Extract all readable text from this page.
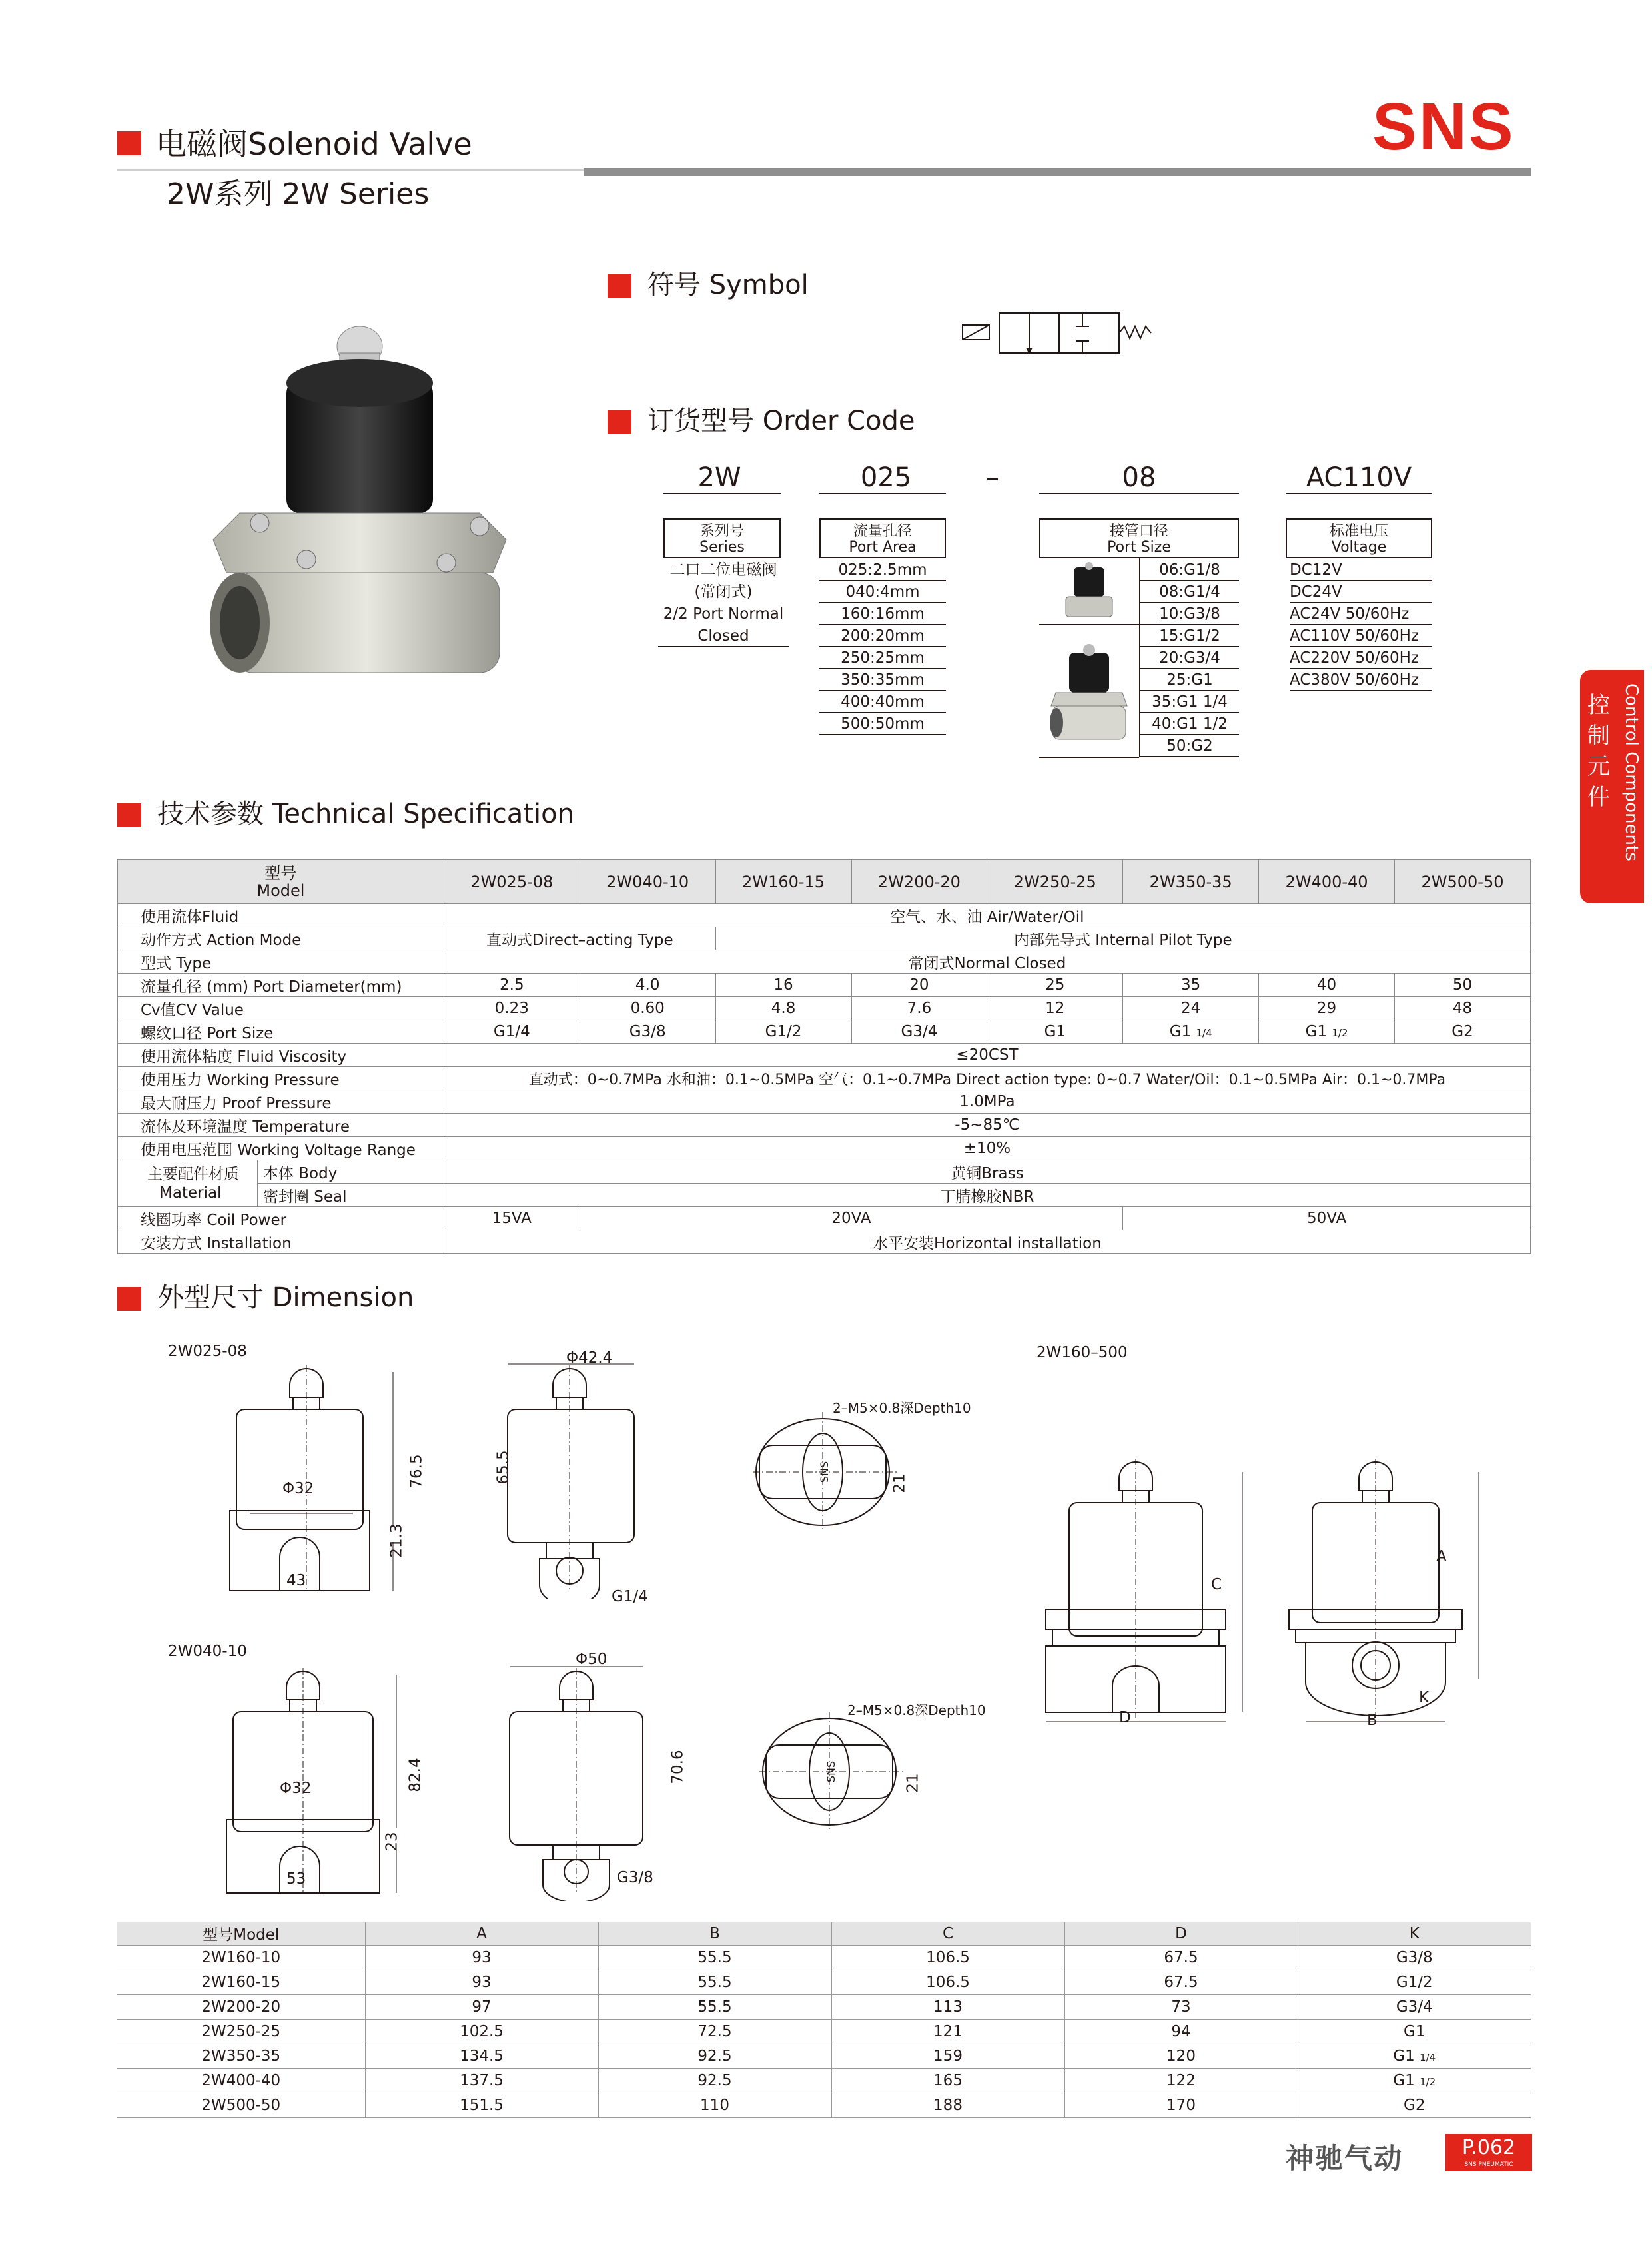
电磁阀Solenoid Valve
2W系列 2W Series
SNS
符号 Symbol
订货型号 Order Code
2W	025	–	08	AC110V
系列号
Series
二口二位电磁阀
(常闭式)
2/2 Port Normal
Closed
流量孔径
Port Area
025:2.5mm
040:4mm
160:16mm
200:20mm
250:25mm
350:35mm
400:40mm
500:50mm
接管口径
Port Size
06:G1/8
08:G1/4
10:G3/8
15:G1/2
20:G3/4
25:G1
35:G1 1/4
40:G1 1/2
50:G2
标准电压
Voltage
DC12V
DC24V
AC24V 50/60Hz
AC110V 50/60Hz
AC220V 50/60Hz
AC380V 50/60Hz
控制元件 Control Components
技术参数 Technical Specification
型号
Model		2W025-08	2W040-10	2W160-15	2W200-20	2W250-25	2W350-35	2W400-40	2W500-50
使用流体Fluid		空气、水、油 Air/Water/Oil							
动作方式 Action Mode		直动式Direct–acting Type		内部先导式 Internal Pilot Type					
型式 Type		常闭式Normal Closed							
流量孔径 (mm) Port Diameter(mm)		2.5	4.0	16	20	25	35	40	50
Cv值CV Value		0.23	0.60	4.8	7.6	12	24	29	48
螺纹口径 Port Size		G1/4	G3/8	G1/2	G3/4	G1	G1 1/4	G1 1/2	G2
使用流体粘度 Fluid Viscosity		≤20CST							
使用压力 Working Pressure		直动式：0~0.7MPa 水和油：0.1~0.5MPa 空气：0.1~0.7MPa Direct action type: 0~0.7 Water/Oil：0.1~0.5MPa Air：0.1~0.7MPa							
最大耐压力 Proof Pressure		1.0MPa							
流体及环境温度 Temperature		-5~85℃							
使用电压范围 Working Voltage Range		±10%							

主要配件材质
Material	本体 Body	黄铜Brass							
	密封圈 Seal	丁腈橡胶NBR							
线圈功率 Coil Power		15VA	20VA				50VA		
安装方式 Installation		水平安装Horizontal installation							
外型尺寸 Dimension
2W025-08
2W040-10
2W160–500
76.5
Φ32
21.3
43
Φ42.4
65.5
G1/4
SNS
2–M5×0.8深Depth10
21
82.4
Φ32
23
53
Φ50
70.6
G3/8
SNS
2–M5×0.8深Depth10
21
C
D
A
B
K
型号Model	A	B	C	D	K
2W160-10	93	55.5	106.5	67.5	G3/8
2W160-15	93	55.5	106.5	67.5	G1/2
2W200-20	97	55.5	113	73	G3/4
2W250-25	102.5	72.5	121	94	G1
2W350-35	134.5	92.5	159	120	G1 1/4
2W400-40	137.5	92.5	165	122	G1 1/2
2W500-50	151.5	110	188	170	G2
神驰气动	P.062
SNS PNEUMATIC
